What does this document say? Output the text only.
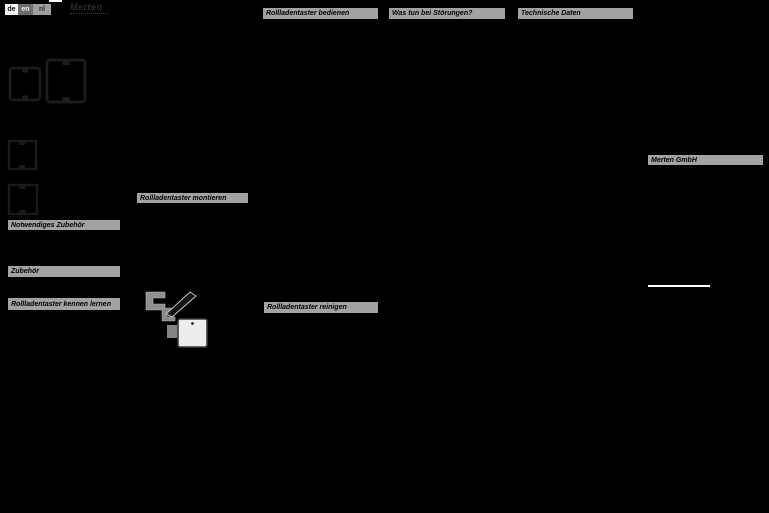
de en	nl	Merten
Rollladentaster bedienen	Was tun bei Störungen?	Technische Daten
Merten GmbH
Rollladentaster montieren
Notwendiges Zubehör
Zubehör
Rollladentaster kennen lernen	Rollladentaster reinigen
